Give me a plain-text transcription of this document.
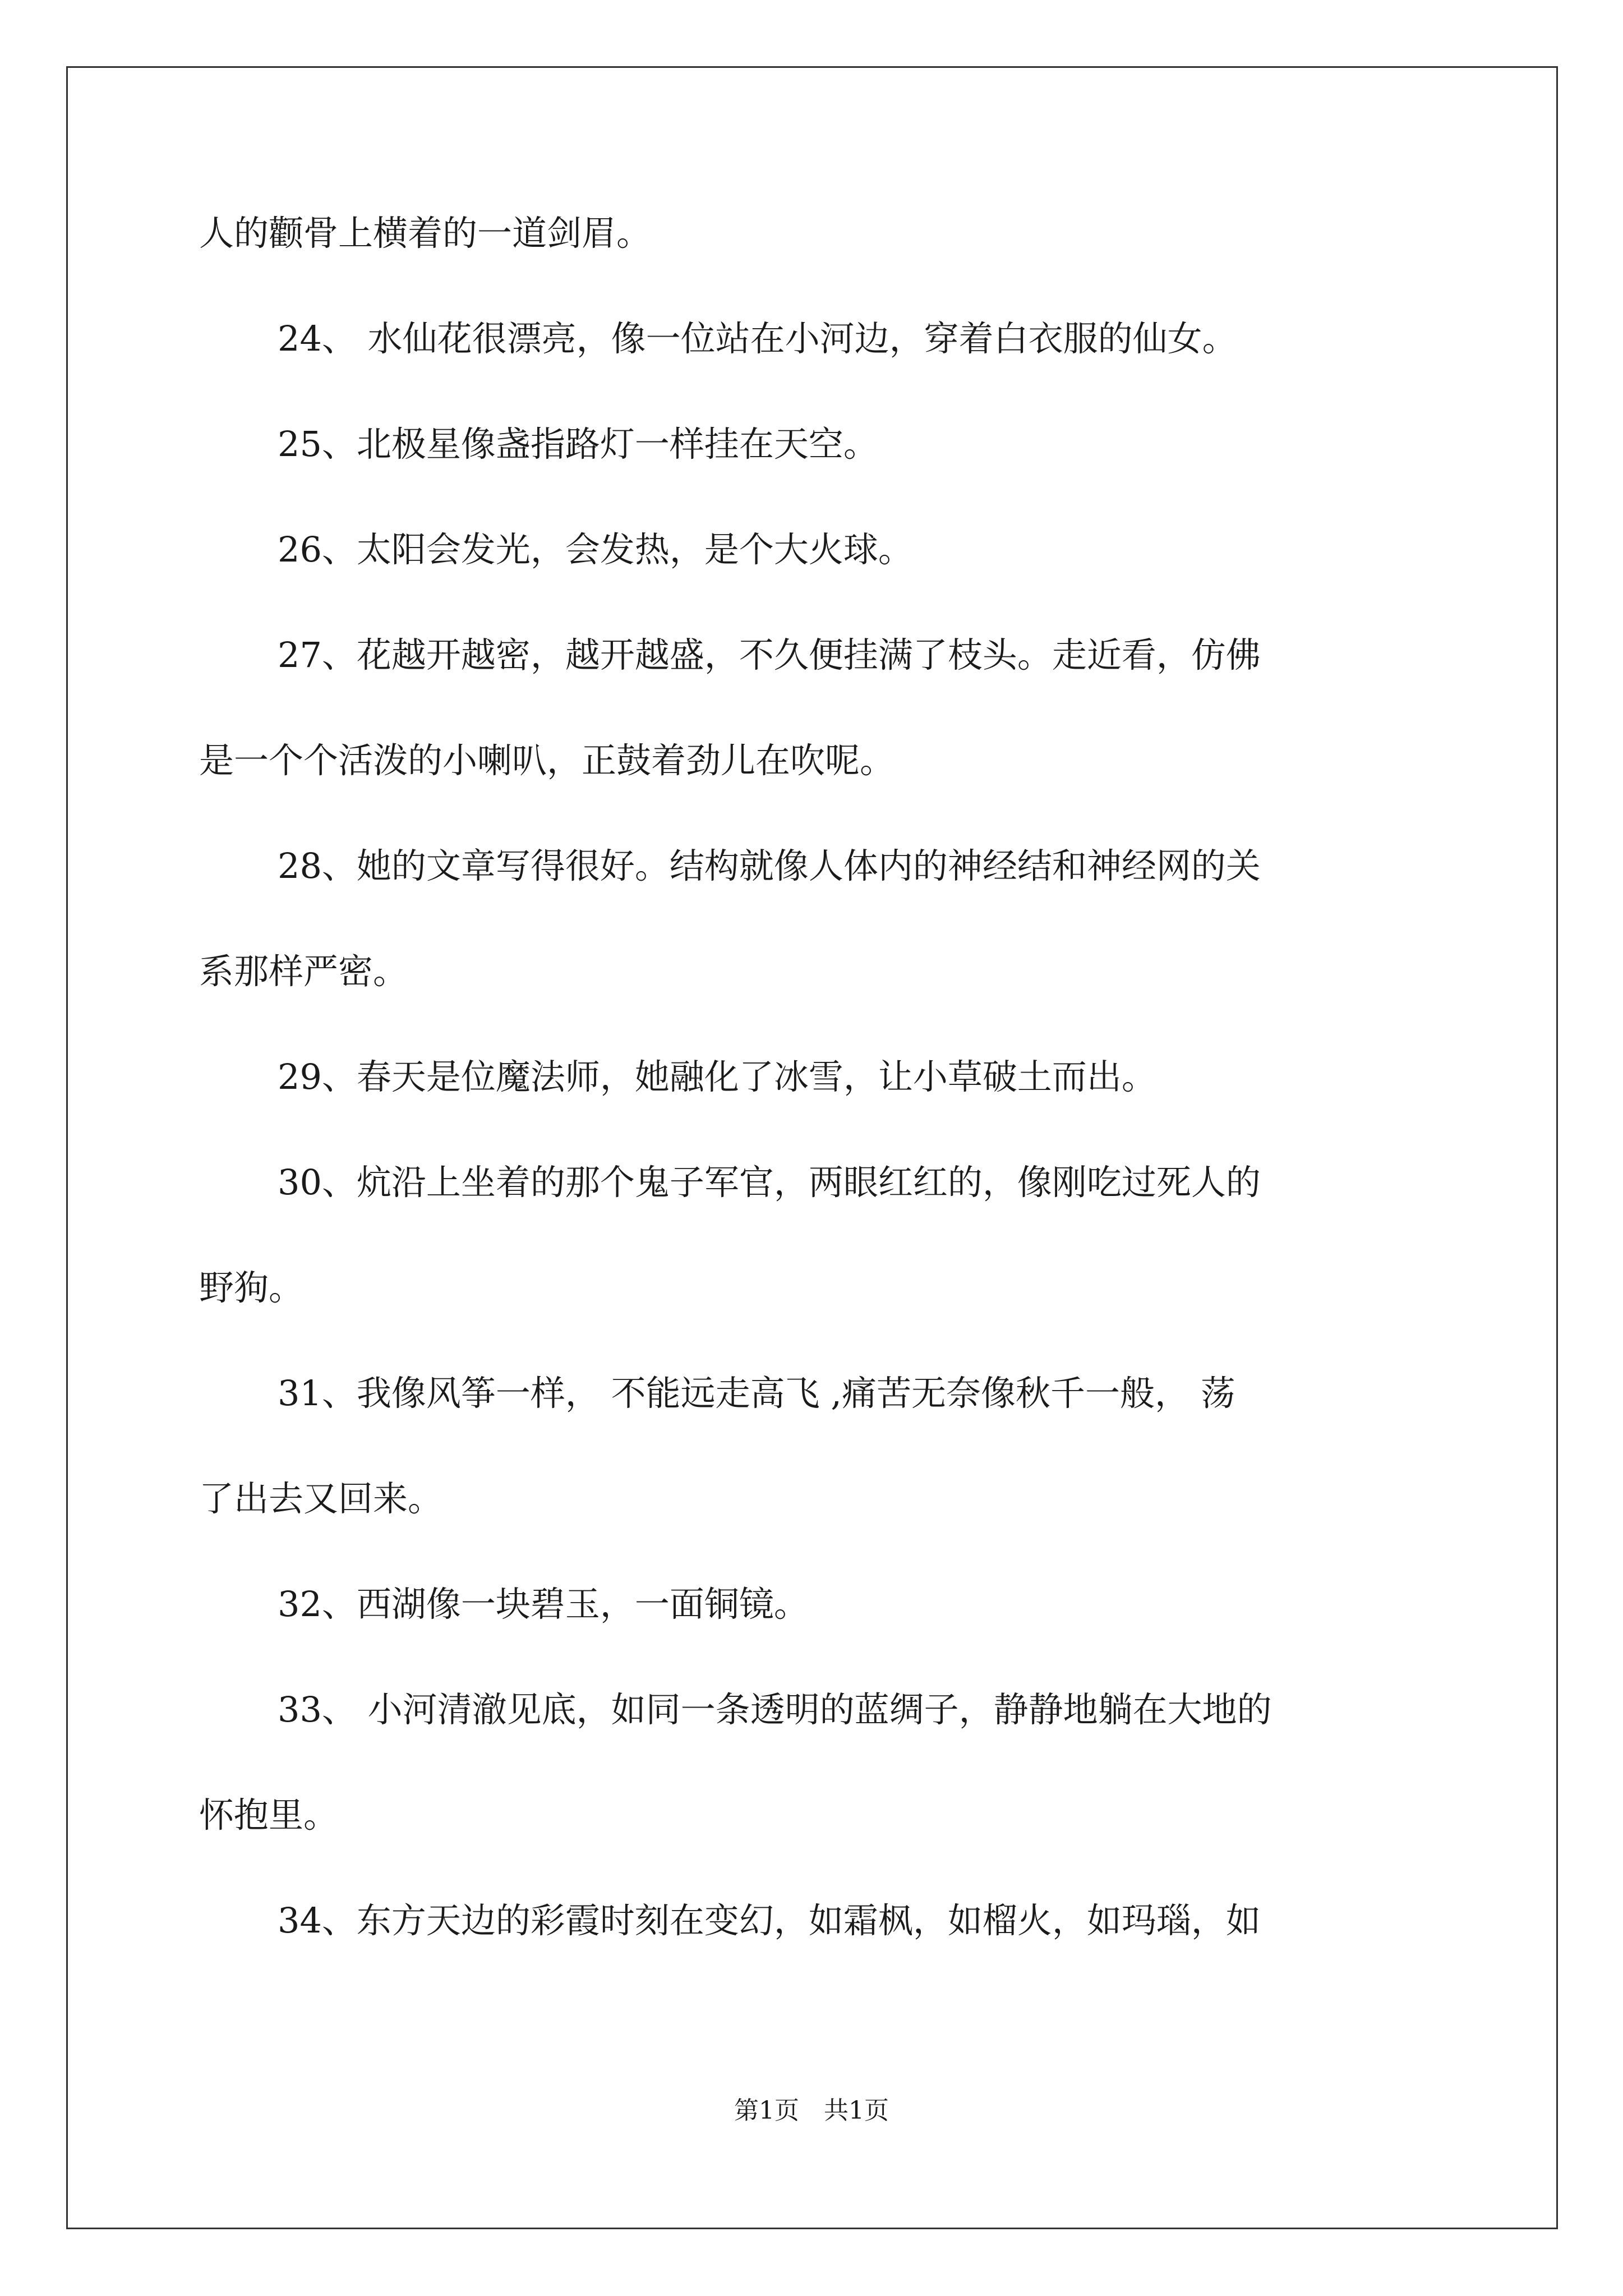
人的颧骨上横着的一道剑眉。
24、 水仙花很漂亮，像一位站在小河边，穿着白衣服的仙女。
25、北极星像盏指路灯一样挂在天空。
26、太阳会发光，会发热，是个大火球。
27、花越开越密，越开越盛，不久便挂满了枝头。走近看，仿佛
是一个个活泼的小喇叭，正鼓着劲儿在吹呢。
28、她的文章写得很好。结构就像人体内的神经结和神经网的关
系那样严密。
29、春天是位魔法师，她融化了冰雪，让小草破土而出。
30、炕沿上坐着的那个鬼子军官，两眼红红的，像刚吃过死人的
野狗。
31、我像风筝一样， 不能远走高飞 ,痛苦无奈像秋千一般， 荡
了出去又回来。
32、西湖像一块碧玉，一面铜镜。
33、 小河清澈见底，如同一条透明的蓝绸子，静静地躺在大地的
怀抱里。
34、东方天边的彩霞时刻在变幻，如霜枫，如榴火，如玛瑙，如
第1页　共1页
